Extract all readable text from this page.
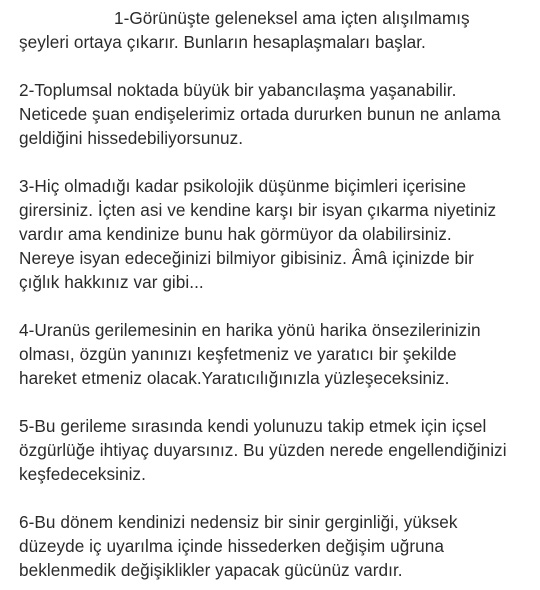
1-Görünüşte geleneksel ama içten alışılmamış
şeyleri ortaya çıkarır. Bunların hesaplaşmaları başlar.
2-Toplumsal noktada büyük bir yabancılaşma yaşanabilir.
Neticede şuan endişelerimiz ortada dururken bunun ne anlama
geldiğini hissedebiliyorsunuz.
3-Hiç olmadığı kadar psikolojik düşünme biçimleri içerisine
girersiniz. İçten asi ve kendine karşı bir isyan çıkarma niyetiniz
vardır ama kendinize bunu hak görmüyor da olabilirsiniz.
Nereye isyan edeceğinizi bilmiyor gibisiniz. Âmâ içinizde bir
çığlık hakkınız var gibi...
4-Uranüs gerilemesinin en harika yönü harika önsezilerinizin
olması, özgün yanınızı keşfetmeniz ve yaratıcı bir şekilde
hareket etmeniz olacak.Yaratıcılığınızla yüzleşeceksiniz.
5-Bu gerileme sırasında kendi yolunuzu takip etmek için içsel
özgürlüğe ihtiyaç duyarsınız. Bu yüzden nerede engellendiğinizi
keşfedeceksiniz.
6-Bu dönem kendinizi nedensiz bir sinir gerginliği, yüksek
düzeyde iç uyarılma içinde hissederken değişim uğruna
beklenmedik değişiklikler yapacak gücünüz vardır.
